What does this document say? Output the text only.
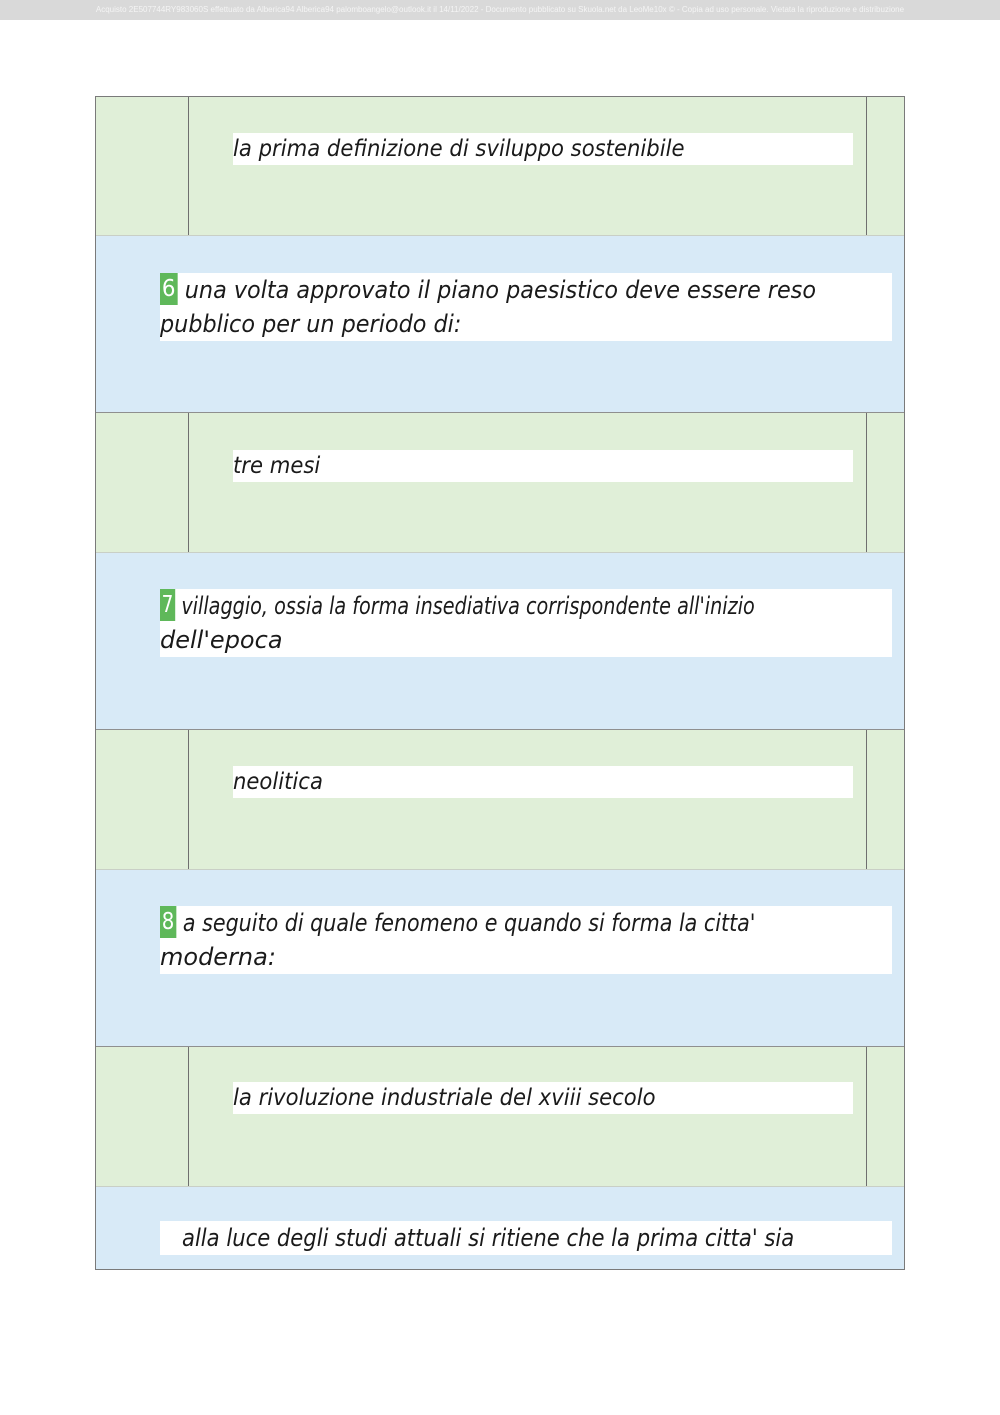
Acquisto 2E507744RY983060S effettuato da Alberica94 Alberica94 palomboangelo@outlook.it il 14/11/2022 - Documento pubblicato su Skuola.net da LeoMe10x © - Copia ad uso personale. Vietata la riproduzione e distribuzione
la prima definizione di sviluppo sostenibile
6 una volta approvato il piano paesistico deve essere reso
pubblico per un periodo di:
tre mesi
7 villaggio, ossia la forma insediativa corrispondente all'inizio
dell'epoca
neolitica
8 a seguito di quale fenomeno e quando si forma la citta'
moderna:
la rivoluzione industriale del xviii secolo
alla luce degli studi attuali si ritiene che la prima citta' sia
